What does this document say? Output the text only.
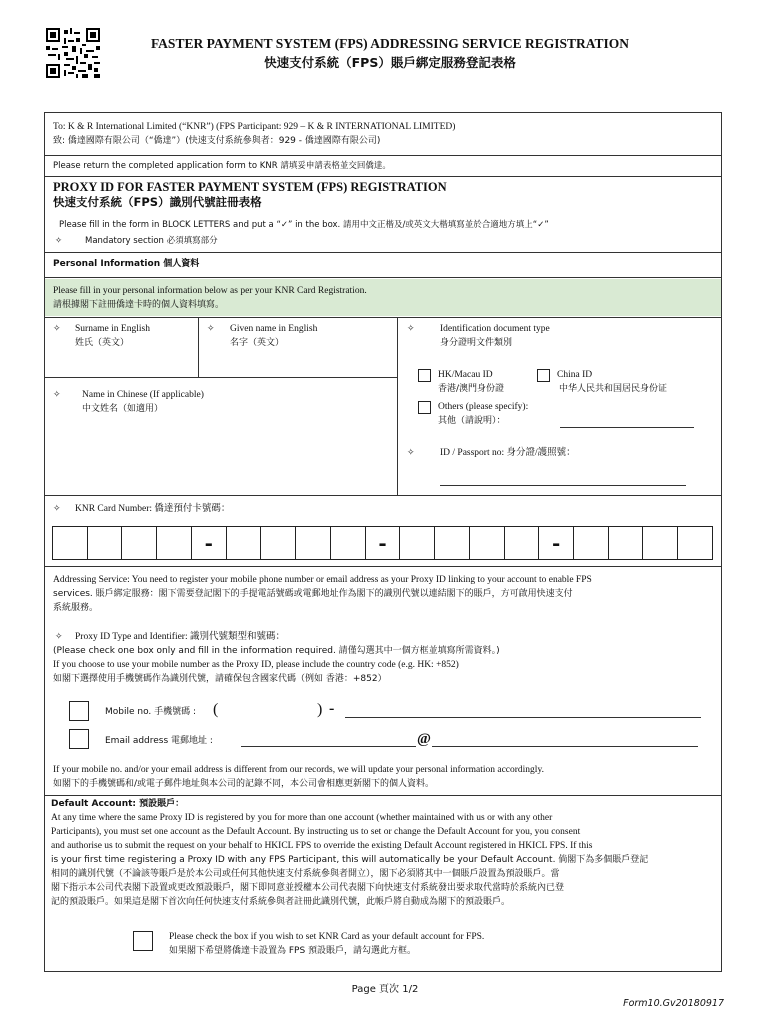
FASTER PAYMENT SYSTEM (FPS) ADDRESSING SERVICE REGISTRATION
快速支付系統（FPS）賬戶綁定服務登記表格
To: K & R International Limited (“KNR”) (FPS Participant: 929 – K & R INTERNATIONAL LIMITED)
致: 僑達國際有限公司（“僑達”）(快速支付系統參與者：929 - 僑達國際有限公司)
Please return the completed application form to KNR 請填妥申請表格並交回僑達。
PROXY ID FOR FASTER PAYMENT SYSTEM (FPS) REGISTRATION
快速支付系統（FPS）識別代號註冊表格
Please fill in the form in BLOCK LETTERS and put a “✓” in the box. 請用中文正楷及/或英文大楷填寫並於合適地方填上“✓”
✧	Mandatory section 必須填寫部分
Personal Information 個人資料
Please fill in your personal information below as per your KNR Card Registration.
請根據閣下註冊僑達卡時的個人資料填寫。
✧ Surname in English
姓氏（英文）
✧ Given name in English
名字（英文）
✧ Name in Chinese (If applicable)
中文姓名（如適用）
✧	Identification document type
身分證明文件類別
HK/Macau ID
香港/澳門身份證
China ID
中华人民共和国居民身份证
Others (please specify):
其他（請說明）：
✧	ID / Passport no: 身分證/護照號：
✧ KNR Card Number: 僑達預付卡號碼：
-	-	-
Addressing Service: You need to register your mobile phone number or email address as your Proxy ID linking to your account to enable FPS
services. 賬戶綁定服務：閣下需要登記閣下的手提電話號碼或電郵地址作為閣下的識別代號以連結閣下的賬戶，方可啟用快速支付
系統服務。
✧ Proxy ID Type and Identifier: 識別代號類型和號碼：
(Please check one box only and fill in the information required. 請僅勾選其中一個方框並填寫所需資料。)
If you choose to use your mobile number as the Proxy ID, please include the country code (e.g. HK: +852)
如閣下選擇使用手機號碼作為識別代號，請確保包含國家代碼（例如 香港：+852）
Mobile no. 手機號碼 : (	) -
Email address 電郵地址 :	@
If your mobile no. and/or your email address is different from our records, we will update your personal information accordingly.
如閣下的手機號碼和/或電子郵件地址與本公司的記錄不同，本公司會相應更新閣下的個人資料。
Default Account: 預設賬戶：
At any time where the same Proxy ID is registered by you for more than one account (whether maintained with us or with any other
Participants), you must set one account as the Default Account. By instructing us to set or change the Default Account for you, you consent
and authorise us to submit the request on your behalf to HKICL FPS to override the existing Default Account registered in HKICL FPS. If this
is your first time registering a Proxy ID with any FPS Participant, this will automatically be your Default Account. 倘閣下為多個賬戶登記
相同的識別代號（不論該等賬戶是於本公司或任何其他快速支付系統參與者開立），閣下必須將其中一個賬戶設置為預設賬戶。當
閣下指示本公司代表閣下設置或更改預設賬戶，閣下即同意並授權本公司代表閣下向快速支付系統發出要求取代當時於系統內已登
記的預設賬戶。如果這是閣下首次向任何快速支付系統參與者註冊此識別代號，此帳戶將自動成為閣下的預設賬戶。
Please check the box if you wish to set KNR Card as your default account for FPS.
如果閣下希望將僑達卡設置為 FPS 預設賬戶，請勾選此方框。
Page 頁次 1/2
Form10.Gv20180917
